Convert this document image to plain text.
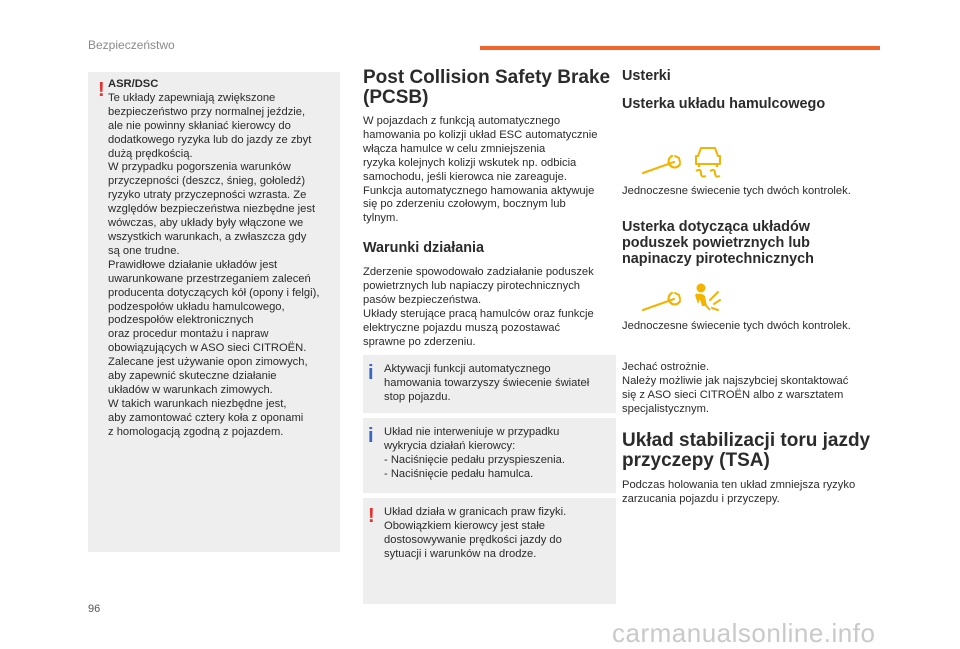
Bezpieczeństwo
! ASR/DSC
Te układy zapewniają zwiększone
bezpieczeństwo przy normalnej jeździe,
ale nie powinny skłaniać kierowcy do
dodatkowego ryzyka lub do jazdy ze zbyt
dużą prędkością.
W przypadku pogorszenia warunków
przyczepności (deszcz, śnieg, gołoledź)
ryzyko utraty przyczepności wzrasta. Ze
względów bezpieczeństwa niezbędne jest
wówczas, aby układy były włączone we
wszystkich warunkach, a zwłaszcza gdy
są one trudne.
Prawidłowe działanie układów jest
uwarunkowane przestrzeganiem zaleceń
producenta dotyczących kół (opony i felgi),
podzespołów układu hamulcowego,
podzespołów elektronicznych
oraz procedur montażu i napraw
obowiązujących w ASO sieci CITROËN.
Zalecane jest używanie opon zimowych,
aby zapewnić skuteczne działanie
układów w warunkach zimowych.
W takich warunkach niezbędne jest,
aby zamontować cztery koła z oponami
z homologacją zgodną z pojazdem.
Post Collision Safety Brake
(PCSB)

W pojazdach z funkcją automatycznego

hamowania po kolizji układ ESC automatycznie

włącza hamulce w celu zmniejszenia

ryzyka kolejnych kolizji wskutek np. odbicia

samochodu, jeśli kierowca nie zareaguje.

Funkcja automatycznego hamowania aktywuje

się po zderzeniu czołowym, bocznym lub

tylnym.

Warunki działania

Zderzenie spowodowało zadziałanie poduszek

powietrznych lub napiaczy pirotechnicznych

pasów bezpieczeństwa.

Układy sterujące pracą hamulców oraz funkcje

elektryczne pojazdu muszą pozostawać

sprawne po zderzeniu.

i Aktywacji funkcji automatycznego
hamowania towarzyszy świecenie świateł
stop pojazdu.
i Układ nie interweniuje w przypadku
wykrycia działań kierowcy:
- Naciśnięcie pedału przyspieszenia.
- Naciśnięcie pedału hamulca.
! Układ działa w granicach praw fizyki.
Obowiązkiem kierowcy jest stałe
dostosowywanie prędkości jazdy do
sytuacji i warunków na drodze.
Usterki
Usterka układu hamulcowego

Jednoczesne świecenie tych dwóch kontrolek.

Usterka dotycząca układów
poduszek powietrznych lub
napinaczy pirotechnicznych

Jednoczesne świecenie tych dwóch kontrolek.

Jechać ostrożnie.

Należy możliwie jak najszybciej skontaktować

się z ASO sieci CITROËN albo z warsztatem

specjalistycznym.

Układ stabilizacji toru jazdy
przyczepy (TSA)

Podczas holowania ten układ zmniejsza ryzyko

zarzucania pojazdu i przyczepy.

96
carmanualsonline.info
